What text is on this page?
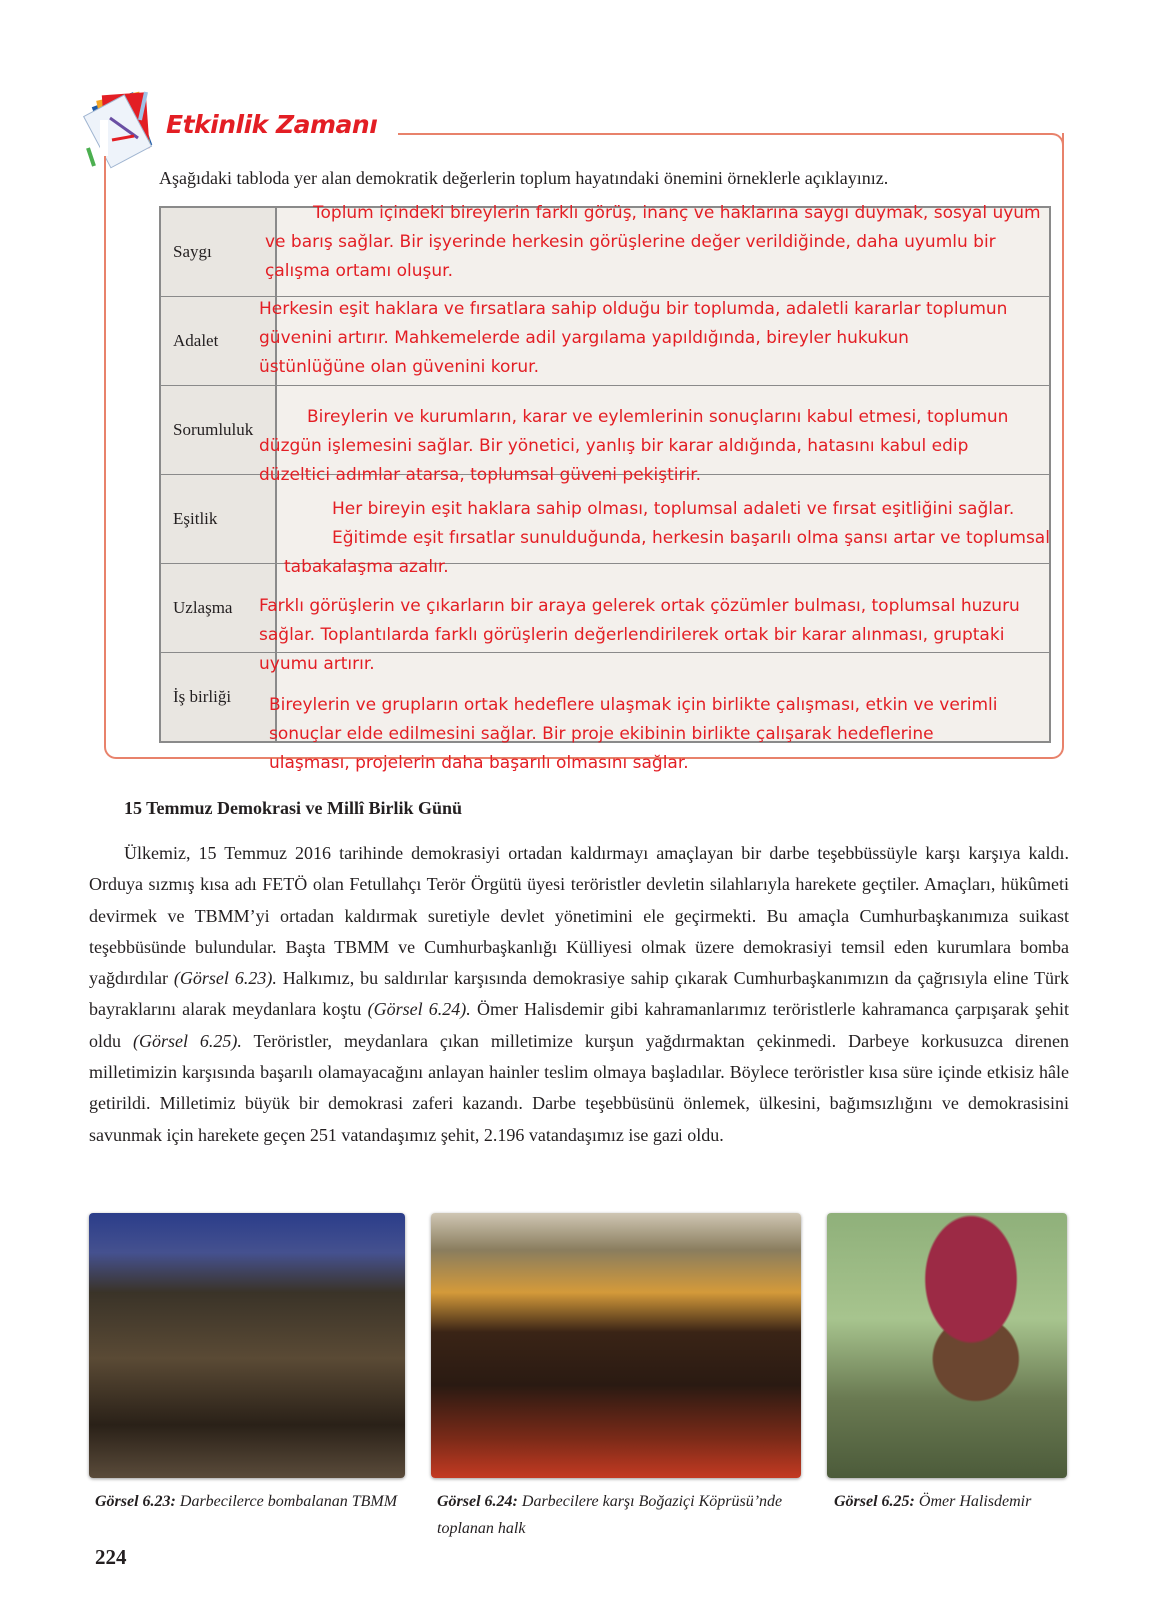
Etkinlik Zamanı
Aşağıdaki tabloda yer alan demokratik değerlerin toplum hayatındaki önemini örneklerle açıklayınız.
Saygı
Adalet
Sorumluluk
Eşitlik
Uzlaşma
İş birliği
Toplum içindeki bireylerin farklı görüş, inanç ve haklarına saygı duymak, sosyal uyum
ve barış sağlar. Bir işyerinde herkesin görüşlerine değer verildiğinde, daha uyumlu bir
çalışma ortamı oluşur.
Herkesin eşit haklara ve fırsatlara sahip olduğu bir toplumda, adaletli kararlar toplumun
güvenini artırır. Mahkemelerde adil yargılama yapıldığında, bireyler hukukun
üstünlüğüne olan güvenini korur.
Bireylerin ve kurumların, karar ve eylemlerinin sonuçlarını kabul etmesi, toplumun
düzgün işlemesini sağlar. Bir yönetici, yanlış bir karar aldığında, hatasını kabul edip
düzeltici adımlar atarsa, toplumsal güveni pekiştirir.
Her bireyin eşit haklara sahip olması, toplumsal adaleti ve fırsat eşitliğini sağlar.
Eğitimde eşit fırsatlar sunulduğunda, herkesin başarılı olma şansı artar ve toplumsal
tabakalaşma azalır.
Farklı görüşlerin ve çıkarların bir araya gelerek ortak çözümler bulması, toplumsal huzuru
sağlar. Toplantılarda farklı görüşlerin değerlendirilerek ortak bir karar alınması, gruptaki
uyumu artırır.
Bireylerin ve grupların ortak hedeflere ulaşmak için birlikte çalışması, etkin ve verimli
sonuçlar elde edilmesini sağlar. Bir proje ekibinin birlikte çalışarak hedeflerine
ulaşması, projelerin daha başarılı olmasını sağlar.
15 Temmuz Demokrasi ve Millî Birlik Günü

Ülkemiz, 15 Temmuz 2016 tarihinde demokrasiyi ortadan kaldırmayı amaçlayan bir darbe teşebbüssüyle karşı karşıya kaldı. Orduya sızmış kısa adı FETÖ olan Fetullahçı Terör Örgütü üyesi teröristler devletin silahlarıyla harekete geçtiler. Amaçları, hükûmeti devirmek ve TBMM’yi ortadan kaldırmak suretiyle devlet yönetimini ele geçirmekti. Bu amaçla Cumhurbaşkanımıza suikast teşebbüsünde bulundular. Başta TBMM ve Cumhurbaşkanlığı Külliyesi olmak üzere demokrasiyi temsil eden kurumlara bomba yağdırdılar (Görsel 6.23). Halkımız, bu saldırılar karşısında demokrasiye sahip çıkarak Cumhurbaşkanımızın da çağrısıyla eline Türk bayraklarını alarak meydanlara koştu (Görsel 6.24). Ömer Halisdemir gibi kahramanlarımız teröristlerle kahramanca çarpışarak şehit oldu (Görsel 6.25). Teröristler, meydanlara çıkan milletimize kurşun yağdırmaktan çekinmedi. Darbeye korkusuzca direnen milletimizin karşısında başarılı olamayacağını anlayan hainler teslim olmaya başladılar. Böylece teröristler kısa süre içinde etkisiz hâle getirildi. Milletimiz büyük bir demokrasi zaferi kazandı. Darbe teşebbüsünü önlemek, ülkesini, bağımsızlığını ve demokrasisini savunmak için harekete geçen 251 vatandaşımız şehit, 2.196 vatandaşımız ise gazi oldu.

Görsel 6.23: Darbecilerce bombalanan TBMM	Görsel 6.24: Darbecilere karşı Boğaziçi Köprüsü’nde toplanan halk
Görsel 6.25: Ömer Halisdemir
224
